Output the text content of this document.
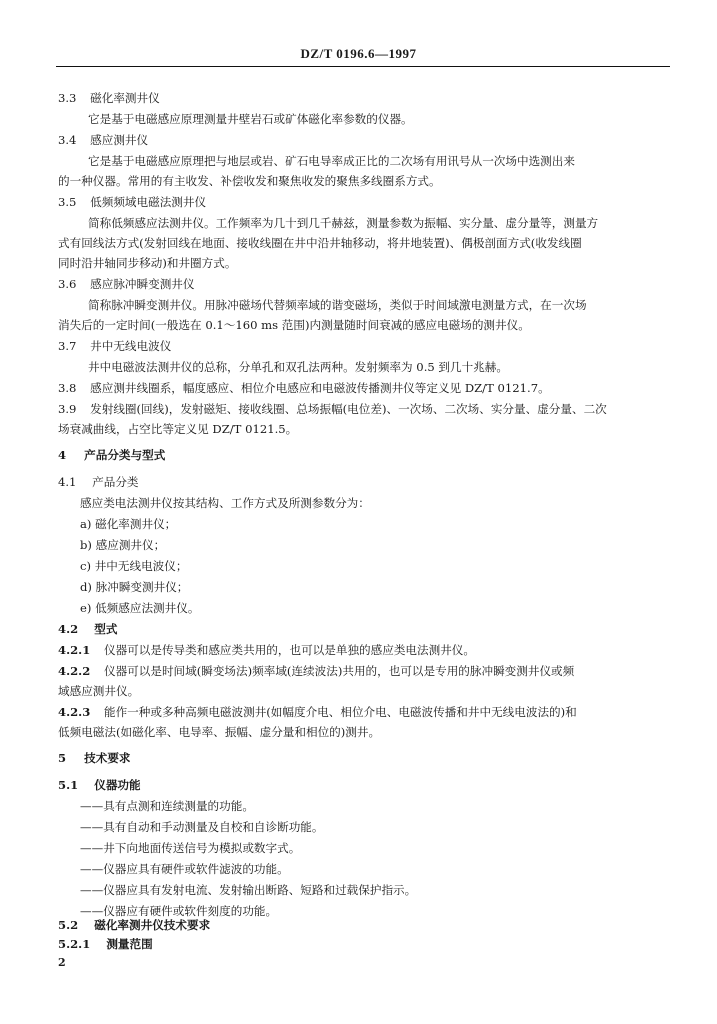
DZ/T 0196.6—1997
3.3 磁化率测井仪
它是基于电磁感应原理测量井壁岩石或矿体磁化率参数的仪器。
3.4 感应测井仪
它是基于电磁感应原理把与地层或岩、矿石电导率成正比的二次场有用讯号从一次场中选测出来
的一种仪器。常用的有主收发、补偿收发和聚焦收发的聚焦多线圈系方式。
3.5 低频频域电磁法测井仪
简称低频感应法测井仪。工作频率为几十到几千赫兹，测量参数为振幅、实分量、虚分量等，测量方
式有回线法方式(发射回线在地面、接收线圈在井中沿井轴移动，将井地装置)、偶极剖面方式(收发线圈
同时沿井轴同步移动)和井圈方式。
3.6 感应脉冲瞬变测井仪
简称脉冲瞬变测井仪。用脉冲磁场代替频率域的谐变磁场，类似于时间域激电测量方式，在一次场
消失后的一定时间(一般选在 0.1～160 ms 范围)内测量随时间衰减的感应电磁场的测井仪。
3.7 井中无线电波仪
井中电磁波法测井仪的总称，分单孔和双孔法两种。发射频率为 0.5 到几十兆赫。
3.8 感应测井线圈系，幅度感应、相位介电感应和电磁波传播测井仪等定义见 DZ/T 0121.7。
3.9 发射线圈(回线)，发射磁矩、接收线圈、总场振幅(电位差)、一次场、二次场、实分量、虚分量、二次
场衰减曲线，占空比等定义见 DZ/T 0121.5。
4 产品分类与型式
4.1 产品分类
感应类电法测井仪按其结构、工作方式及所测参数分为：
a) 磁化率测井仪；
b) 感应测井仪；
c) 井中无线电波仪；
d) 脉冲瞬变测井仪；
e) 低频感应法测井仪。
4.2 型式
4.2.1 仪器可以是传导类和感应类共用的，也可以是单独的感应类电法测井仪。
4.2.2 仪器可以是时间域(瞬变场法)频率域(连续波法)共用的，也可以是专用的脉冲瞬变测井仪或频
域感应测井仪。
4.2.3 能作一种或多种高频电磁波测井(如幅度介电、相位介电、电磁波传播和井中无线电波法的)和
低频电磁法(如磁化率、电导率、振幅、虚分量和相位的)测井。
5 技术要求
5.1 仪器功能
——具有点测和连续测量的功能。
——具有自动和手动测量及自校和自诊断功能。
——井下向地面传送信号为模拟或数字式。
——仪器应具有硬件或软件滤波的功能。
——仪器应具有发射电流、发射输出断路、短路和过载保护指示。
——仪器应有硬件或软件刻度的功能。
5.2 磁化率测井仪技术要求
5.2.1 测量范围
2
